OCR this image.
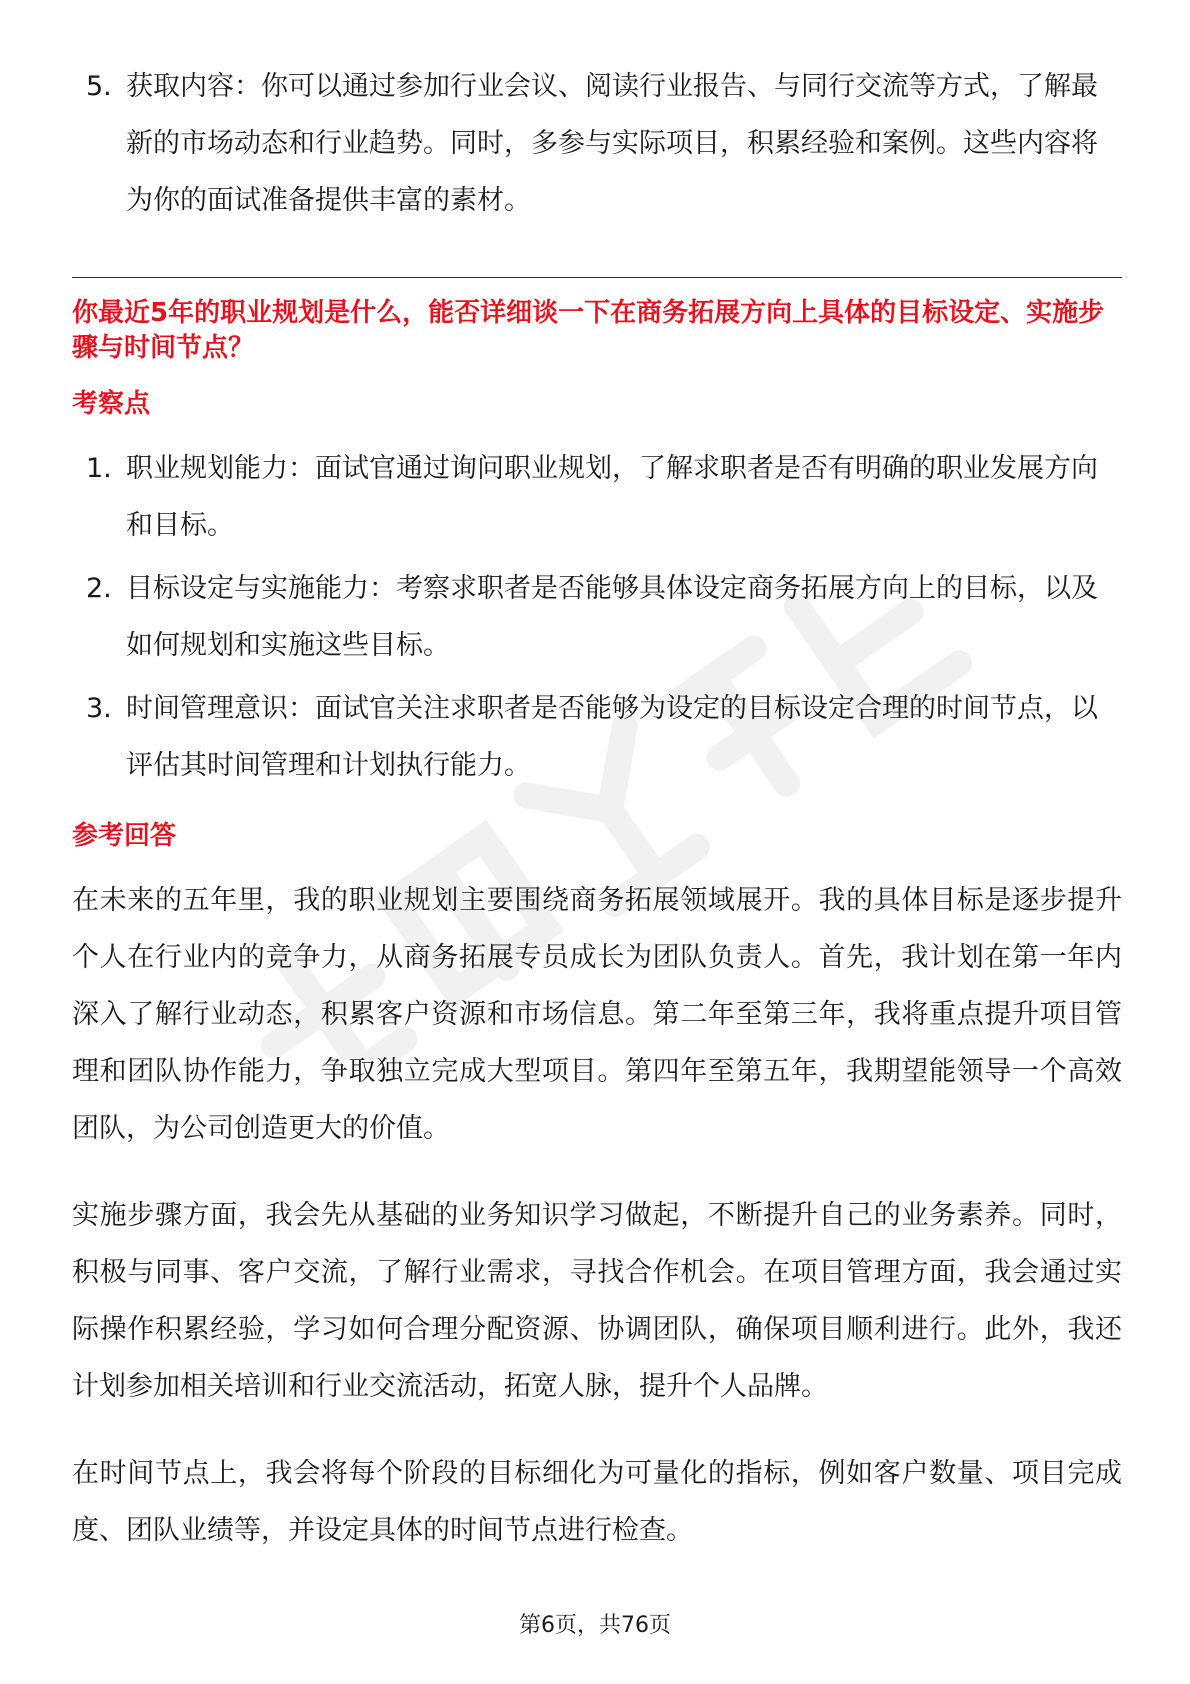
5. 获取内容：你可以通过参加行业会议、阅读行业报告、与同行交流等方式，了解最新的市场动态和行业趋势。同时，多参与实际项目，积累经验和案例。这些内容将为你的面试准备提供丰富的素材。
你最近5年的职业规划是什么，能否详细谈一下在商务拓展方向上具体的目标设定、实施步骤与时间节点？
考察点
1. 职业规划能力：面试官通过询问职业规划，了解求职者是否有明确的职业发展方向和目标。
2. 目标设定与实施能力：考察求职者是否能够具体设定商务拓展方向上的目标，以及如何规划和实施这些目标。
3. 时间管理意识：面试官关注求职者是否能够为设定的目标设定合理的时间节点，以评估其时间管理和计划执行能力。
参考回答

在未来的五年里，我的职业规划主要围绕商务拓展领域展开。我的具体目标是逐步提升个人在行业内的竞争力，从商务拓展专员成长为团队负责人。首先，我计划在第一年内深入了解行业动态，积累客户资源和市场信息。第二年至第三年，我将重点提升项目管理和团队协作能力，争取独立完成大型项目。第四年至第五年，我期望能领导一个高效团队，为公司创造更大的价值。

实施步骤方面，我会先从基础的业务知识学习做起，不断提升自己的业务素养。同时，积极与同事、客户交流，了解行业需求，寻找合作机会。在项目管理方面，我会通过实际操作积累经验，学习如何合理分配资源、协调团队，确保项目顺利进行。此外，我还计划参加相关培训和行业交流活动，拓宽人脉，提升个人品牌。

在时间节点上，我会将每个阶段的目标细化为可量化的指标，例如客户数量、项目完成度、团队业绩等，并设定具体的时间节点进行检查。

第6页，共76页
